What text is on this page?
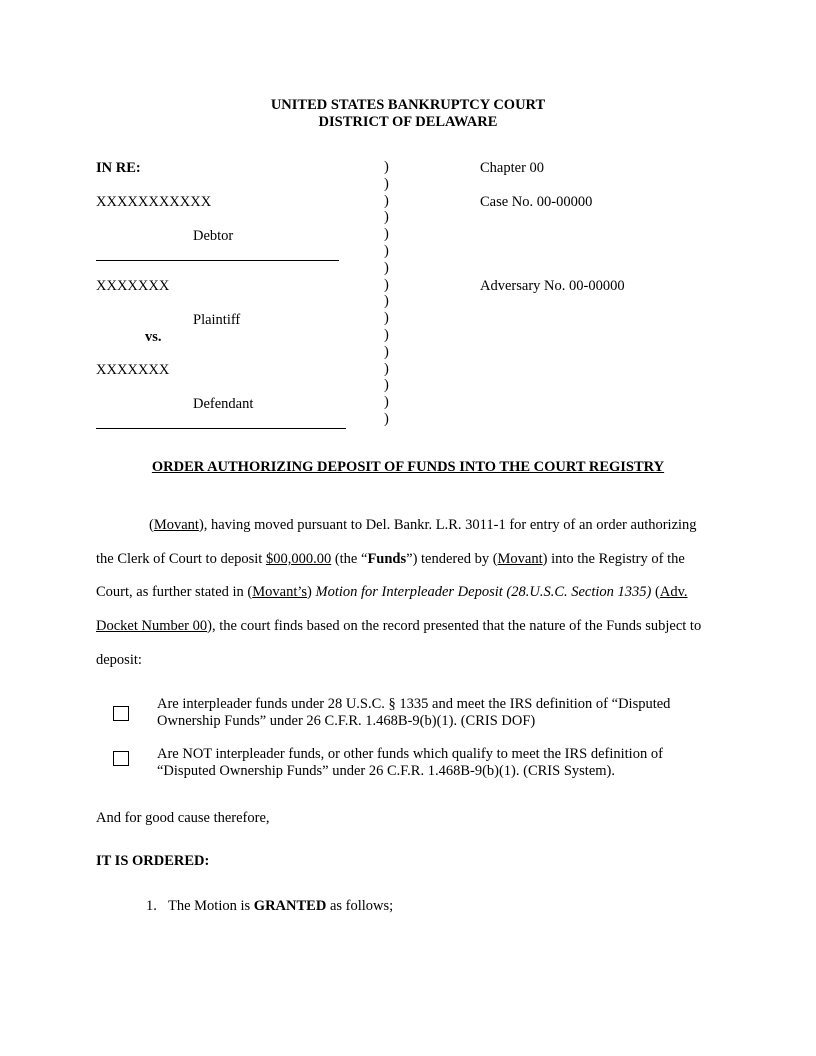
UNITED STATES BANKRUPTCY COURT
DISTRICT OF DELAWARE
IN RE:
XXXXXXXXXXX
Debtor
XXXXXXX
Plaintiff
vs.
XXXXXXX
Defendant
)
)
)
)
)
)
)
)
)
)
)
)
)
)
)
)
Chapter 00
Case No. 00-00000
Adversary No. 00-00000
ORDER AUTHORIZING DEPOSIT OF FUNDS INTO THE COURT REGISTRY
(Movant), having moved pursuant to Del. Bankr. L.R. 3011-1 for entry of an order authorizing
the Clerk of Court to deposit $00,000.00 (the “Funds”) tendered by (Movant) into the Registry of the
Court, as further stated in (Movant’s) Motion for Interpleader Deposit (28.U.S.C. Section 1335) (Adv.
Docket Number 00), the court finds based on the record presented that the nature of the Funds subject to
deposit:
Are interpleader funds under 28 U.S.C. § 1335 and meet the IRS definition of “Disputed
Ownership Funds” under 26 C.F.R. 1.468B-9(b)(1). (CRIS DOF)
Are NOT interpleader funds, or other funds which qualify to meet the IRS definition of
“Disputed Ownership Funds” under 26 C.F.R. 1.468B-9(b)(1). (CRIS System).
And for good cause therefore,
IT IS ORDERED:
1. The Motion is GRANTED as follows;
